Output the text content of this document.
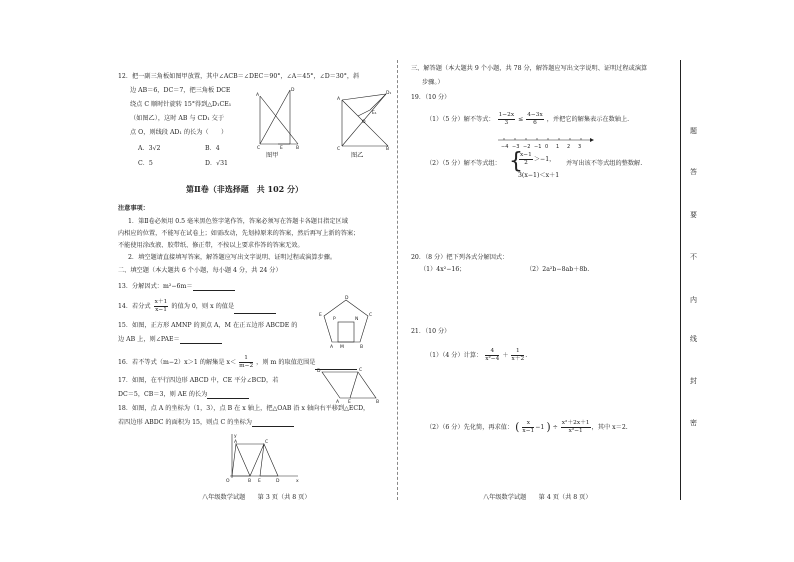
12．把一副三角板如图甲放置，其中∠ACB＝∠DEC＝90°，∠A＝45°，∠D＝30°，斜
边 AB＝6，DC＝7，把三角板 DCE
绕点 C 顺时针旋转 15°得到△D₁CE₁
（如图乙），这时 AB 与 CD₁ 交于
点 O，则线段 AD₁ 的长为（　　）
A．3√2	B．4
C．5	D．√31
A
D
C	E	B
图甲
A
D₁
C	B
O
E₁
图乙
第Ⅱ卷（非选择题　共 102 分）
注意事项：
1．第Ⅱ卷必须用 0.5 毫米黑色签字笔作答，答案必须写在答题卡各题目指定区域
内相应的位置，不能写在试卷上；如需改动，先划掉原来的答案，然后再写上新的答案；
不能使用涂改液、胶带纸、修正带，不按以上要求作答的答案无效。
2．填空题请直接填写答案，解答题应写出文字说明、证明过程或演算步骤。
二、填空题（本大题共 6 个小题，每小题 4 分，共 24 分）
13．分解因式：m²−6m＝
14．若分式 $\frac{x+1}{x-1}$ 的值为 0，则 x 的值是
15．如图，正方形 AMNP 的顶点 A，M 在正五边形 ABCDE 的
边 AB 上，则∠PAE＝
D
C
E
P	N
A M	B
16．若不等式（m−2）x＞1 的解集是 $x< \frac{1}{m-2}$ ，则 m 的取值范围是
17．如图，在平行四边形 ABCD 中，CE 平分∠BCD，若
DC＝5，CB＝3，则 AE 的长为
D	C
A E	B
18．如图，点 A 的坐标为（1，3），点 B 在 x 轴上，把△OAB 沿 x 轴向右平移到△ECD，
若四边形 ABDC 的面积为 15，则点 C 的坐标为
y
x
O
A	C
B E	D
八年级数学试题　　第 3 页（共 8 页）
三、解答题（本大题共 9 个小题，共 78 分，解答题应写出文字说明、证明过程或演算
步骤。）
19．（10 分）
（1）（5 分）解不等式： $\frac{1-2x}{3} \le \frac{4-3x}{6}$ ，并把它的解集表示在数轴上.
−4 −3 −2 −1 0 1 2 3
（2）（5 分）解不等式组： {
$\frac{x-1}{2} >-1$，
3(x−1)＜x＋1
并写出该不等式组的整数解.
20．（8 分）把下列各式分解因式：
（1）4x²−16；	（2）2a²b−8ab＋8b.
21．（10 分）
（1）（4 分）计算： $\frac{4}{\text{x²−4}} + \frac{1}{x+2}$ .
（2）（6 分）先化简，再求值： ( $\frac{x}{x-1} -1$ ) ÷ $\frac{\text{x²＋2x＋1}}{\text{x²−1}}$ ，其中 x＝2.
八年级数学试题　　第 4 页（共 8 页）
题
答
要
不
内
线
封
密
